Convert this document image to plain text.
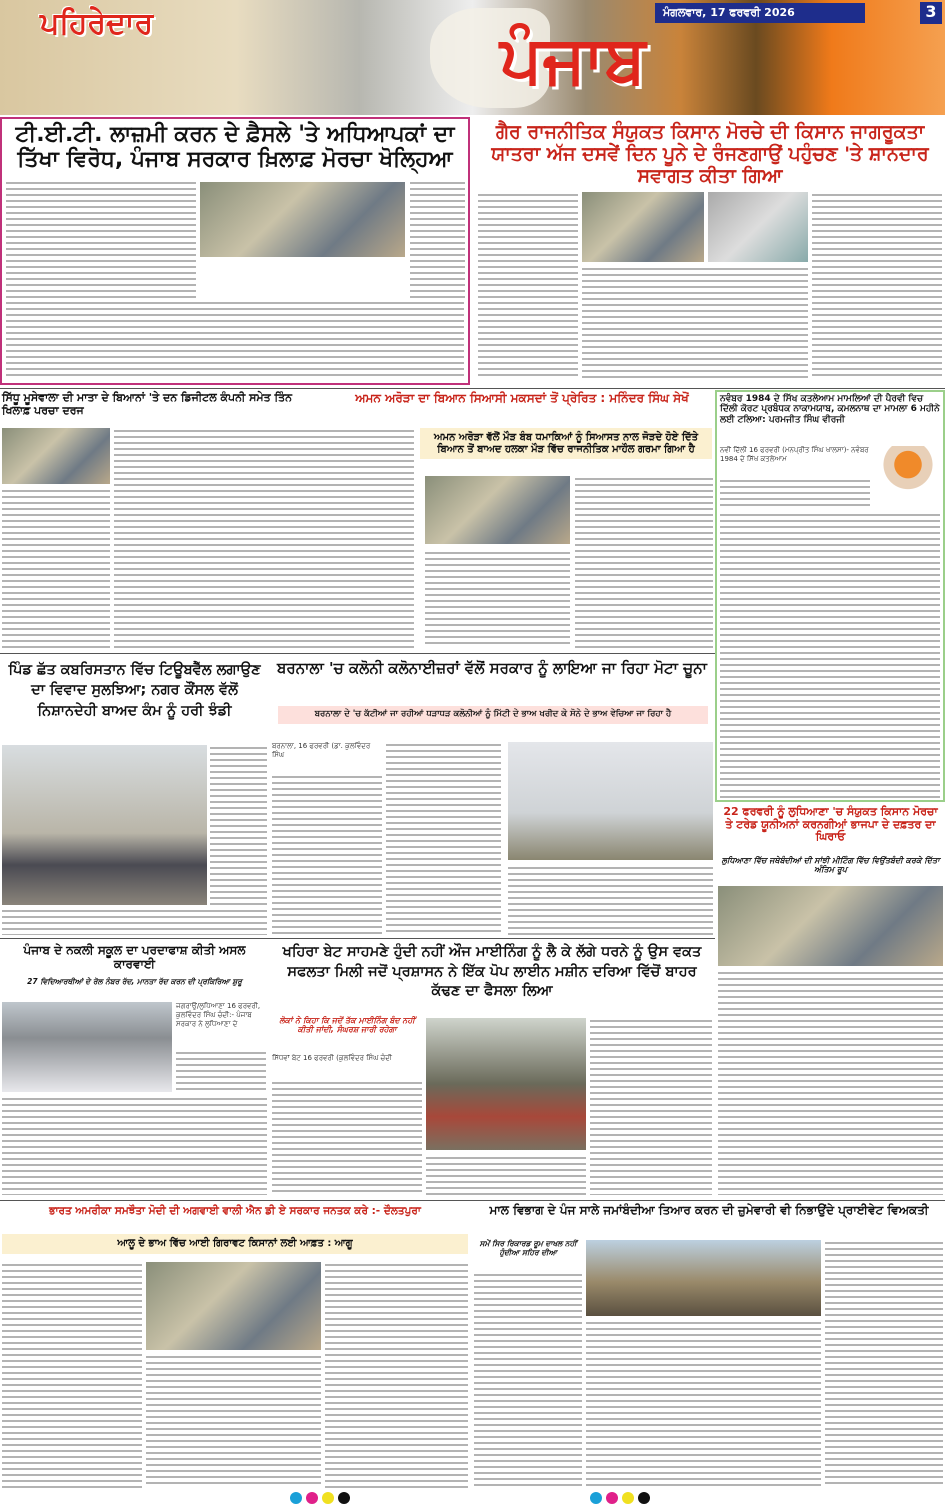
ਪਹਿਰੇਦਾਰ	ਪੰਜਾਬ
ਮੰਗਲਵਾਰ, 17 ਫਰਵਰੀ 2026	3
ਟੀ.ਈ.ਟੀ. ਲਾਜ਼ਮੀ ਕਰਨ ਦੇ ਫ਼ੈਸਲੇ 'ਤੇ ਅਧਿਆਪਕਾਂ ਦਾ ਤਿੱਖਾ ਵਿਰੋਧ, ਪੰਜਾਬ ਸਰਕਾਰ ਖ਼ਿਲਾਫ਼ ਮੋਰਚਾ ਖੋਲ੍ਹਿਆ
ਗੈਰ ਰਾਜਨੀਤਿਕ ਸੰਯੁਕਤ ਕਿਸਾਨ ਮੋਰਚੇ ਦੀ ਕਿਸਾਨ ਜਾਗਰੂਕਤਾ ਯਾਤਰਾ ਅੱਜ ਦਸਵੇਂ ਦਿਨ ਪੂਨੇ ਦੇ ਰੰਜਣਗਾਉਂ ਪਹੁੰਚਣ 'ਤੇ ਸ਼ਾਨਦਾਰ ਸਵਾਗਤ ਕੀਤਾ ਗਿਆ
ਸਿੱਧੂ ਮੂਸੇਵਾਲਾ ਦੀ ਮਾਤਾ ਦੇ ਬਿਆਨਾਂ 'ਤੇ ਦਨ ਡਿਜੀਟਲ ਕੰਪਨੀ ਸਮੇਤ ਤਿੰਨ ਖਿਲਾਫ਼ ਪਰਚਾ ਦਰਜ
ਅਮਨ ਅਰੋੜਾ ਦਾ ਬਿਆਨ ਸਿਆਸੀ ਮਕਸਦਾਂ ਤੋਂ ਪ੍ਰੇਰਿਤ : ਮਨਿੰਦਰ ਸਿੰਘ ਸੇਖੋਂ
ਅਮਨ ਅਰੋੜਾ ਵੱਲੋਂ ਮੌੜ ਬੰਬ ਧਮਾਕਿਆਂ ਨੂੰ ਸਿਆਸਤ ਨਾਲ ਜੋੜਦੇ ਹੋਏ ਦਿੱਤੇ ਬਿਆਨ ਤੋਂ ਬਾਅਦ ਹਲਕਾ ਮੌੜ ਵਿੱਚ ਰਾਜਨੀਤਿਕ ਮਾਹੌਲ ਗਰਮਾ ਗਿਆ ਹੈ
ਨਵੰਬਰ 1984 ਦੇ ਸਿੱਖ ਕਤਲੇਆਮ ਮਾਮਲਿਆਂ ਦੀ ਪੈਰਵੀ ਵਿਚ ਦਿੱਲੀ ਕੋਰਟ ਪ੍ਰਬੰਧਕ ਨਾਕਾਮਯਾਬ, ਕਮਲਨਾਥ ਦਾ ਮਾਮਲਾ 6 ਮਹੀਨੇ ਲਈ ਟਲਿਆ: ਪਰਮਜੀਤ ਸਿੰਘ ਵੀਰਜੀ
ਨਵੀਂ ਦਿੱਲੀ 16 ਫਰਵਰੀ (ਮਨਪ੍ਰੀਤ ਸਿੰਘ ਖਾਲਸਾ)- ਨਵੰਬਰ 1984 ਦੇ ਸਿੱਖ ਕਤਲੇਆਮ
ਪਿੰਡ ਛੱਤ ਕਬਰਿਸਤਾਨ ਵਿੱਚ ਟਿਊਬਵੈੱਲ ਲਗਾਉਣ ਦਾ ਵਿਵਾਦ ਸੁਲਝਿਆ; ਨਗਰ ਕੌਂਸਲ ਵੱਲੋਂ ਨਿਸ਼ਾਨਦੇਹੀ ਬਾਅਦ ਕੰਮ ਨੂੰ ਹਰੀ ਝੰਡੀ
ਬਰਨਾਲਾ 'ਚ ਕਲੋਨੀ ਕਲੋਨਾਈਜ਼ਰਾਂ ਵੱਲੋਂ ਸਰਕਾਰ ਨੂੰ ਲਾਇਆ ਜਾ ਰਿਹਾ ਮੋਟਾ ਚੂਨਾ
ਬਰਨਾਲਾ ਦੇ 'ਚ ਕੱਟੀਆਂ ਜਾ ਰਹੀਆਂ ਧੜਾਧੜ ਕਲੋਨੀਆਂ ਨੂੰ ਮਿੱਟੀ ਦੇ ਭਾਅ ਖਰੀਦ ਕੇ ਸੋਨੇ ਦੇ ਭਾਅ ਵੇਚਿਆ ਜਾ ਰਿਹਾ ਹੈ
ਬਰਨਾਲਾ, 16 ਫਰਵਰੀ (ਡਾ. ਕੁਲਵਿੰਦਰ ਸਿੰਘ
22 ਫਰਵਰੀ ਨੂੰ ਲੁਧਿਆਣਾ 'ਚ ਸੰਯੁਕਤ ਕਿਸਾਨ ਮੋਰਚਾ ਤੇ ਟਰੇਡ ਯੂਨੀਅਨਾਂ ਕਰਨਗੀਆਂ ਭਾਜਪਾ ਦੇ ਦਫ਼ਤਰ ਦਾ ਘਿਰਾਓ
ਲੁਧਿਆਣਾ ਵਿੱਚ ਜਥੇਬੰਦੀਆਂ ਦੀ ਸਾਂਝੀ ਮੀਟਿੰਗ ਵਿੱਚ ਵਿਉਂਤਬੰਦੀ ਕਰਕੇ ਦਿੱਤਾ ਅੰਤਿਮ ਰੂਪ
ਪੰਜਾਬ ਦੇ ਨਕਲੀ ਸਕੂਲ ਦਾ ਪਰਦਾਫਾਸ਼ ਕੀਤੀ ਅਸਲ ਕਾਰਵਾਈ
27 ਵਿਦਿਆਰਥੀਆਂ ਦੇ ਰੋਲ ਨੰਬਰ ਰੱਦ, ਮਾਨਤਾ ਰੱਦ ਕਰਨ ਦੀ ਪ੍ਰਕਿਰਿਆ ਸ਼ੁਰੂ
ਜਗਰਾਉਂ/ਲੁਧਿਆਣਾ 16 ਫਰਵਰੀ, ਕੁਲਵਿੰਦਰ ਸਿੰਘ ਚੰਦੀ:- ਪੰਜਾਬ ਸਰਕਾਰ ਨੇ ਲੁਧਿਆਣਾ ਦੇ
ਖਹਿਰਾ ਬੇਟ ਸਾਹਮਣੇ ਹੁੰਦੀ ਨਹੀਂ ਔਜ ਮਾਈਨਿੰਗ ਨੂੰ ਲੈ ਕੇ ਲੱਗੇ ਧਰਨੇ ਨੂੰ ਉਸ ਵਕਤ ਸਫਲਤਾ ਮਿਲੀ ਜਦੋਂ ਪ੍ਰਸ਼ਾਸਨ ਨੇ ਇੱਕ ਪੋਪ ਲਾਈਨ ਮਸ਼ੀਨ ਦਰਿਆ ਵਿੱਚੋਂ ਬਾਹਰ ਕੱਢਣ ਦਾ ਫੈਸਲਾ ਲਿਆ
ਲੋਕਾਂ ਨੇ ਕਿਹਾ ਕਿ ਜਦੋਂ ਤੱਕ ਮਾਈਨਿੰਗ ਬੰਦ ਨਹੀਂ ਕੀਤੀ ਜਾਂਦੀ, ਸੰਘਰਸ਼ ਜਾਰੀ ਰਹੇਗਾ
ਸਿੱਧਵਾਂ ਬੇਟ 16 ਫਰਵਰੀ (ਕੁਲਵਿੰਦਰ ਸਿੰਘ ਚੰਦੀ
ਭਾਰਤ ਅਮਰੀਕਾ ਸਮਝੌਤਾ ਮੋਦੀ ਦੀ ਅਗਵਾਈ ਵਾਲੀ ਐਨ ਡੀ ਏ ਸਰਕਾਰ ਜਨਤਕ ਕਰੇ :- ਦੌਲਤਪੁਰਾ
ਆਲੂ ਦੇ ਭਾਅ ਵਿੱਚ ਆਈ ਗਿਰਾਵਟ ਕਿਸਾਨਾਂ ਲਈ ਆਫ਼ਤ : ਆਗੂ
ਮਾਲ ਵਿਭਾਗ ਦੇ ਪੰਜ ਸਾਲੇ ਜਮਾਂਬੰਦੀਆ ਤਿਆਰ ਕਰਨ ਦੀ ਜ਼ੁਮੇਵਾਰੀ ਵੀ ਨਿਭਾਉਂਦੇ ਪ੍ਰਾਈਵੇਟ ਵਿਅਕਤੀ
ਸਮੇਂ ਸਿਰ ਰਿਕਾਰਡ ਰੂਮ ਦਾਖਲ ਨਹੀਂ ਹੁੰਦੀਆ ਸਹਿਰ ਦੀਆ
